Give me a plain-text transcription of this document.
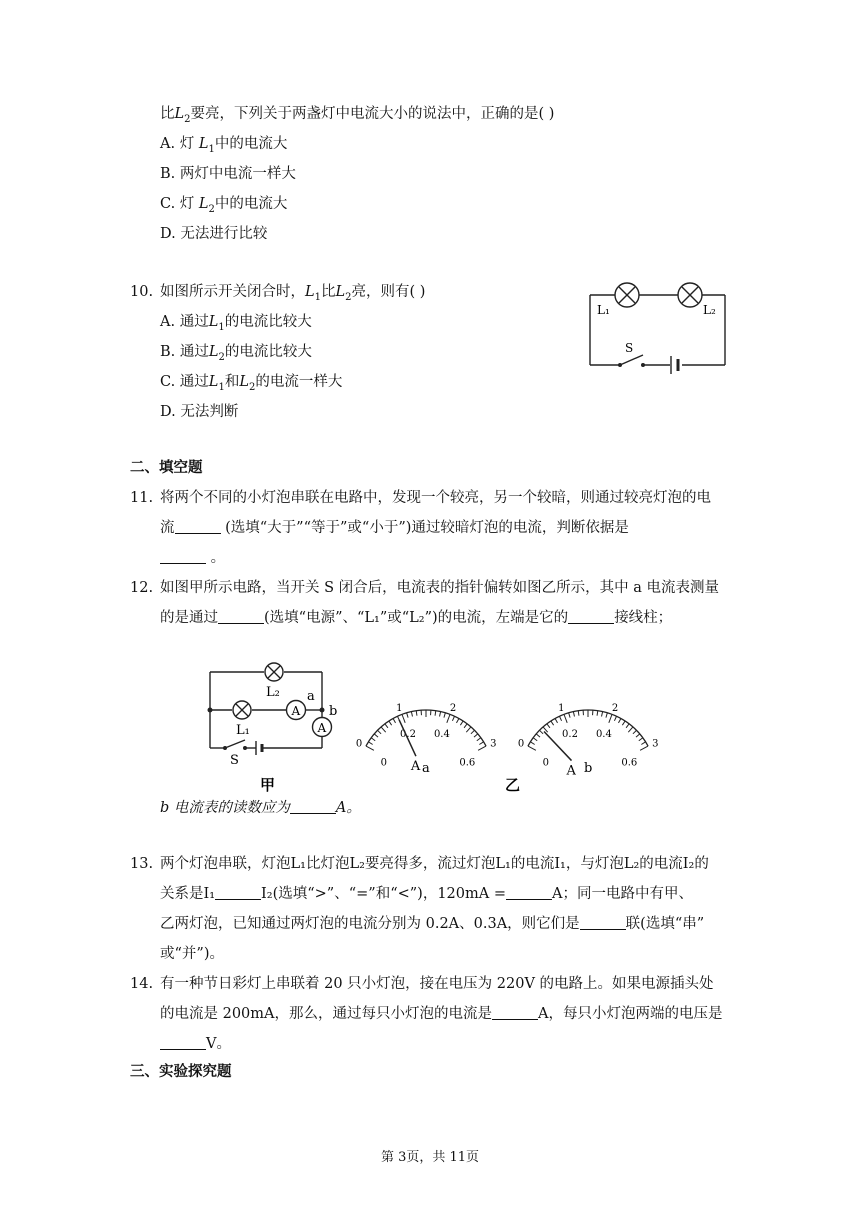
比$L_2$要亮，下列关于两盏灯中电流大小的说法中，正确的是( )
A. 灯 $L_1$中的电流大
B. 两灯中电流一样大
C. 灯 $L_2$中的电流大
D. 无法进行比较
10. 如图所示开关闭合时，$L_1$比$L_2$亮，则有( )
A. 通过$L_1$的电流比较大
B. 通过$L_2$的电流比较大
C. 通过$L_1$和$L_2$的电流一样大
D. 无法判断
L₁	L₂
S
二、填空题
11. 将两个不同的小灯泡串联在电路中，发现一个较亮，另一个较暗，则通过较亮灯泡的电
流	(选填“大于”“等于”或“小于”)通过较暗灯泡的电流，判断依据是
。
12. 如图甲所示电路，当开关 S 闭合后，电流表的指针偏转如图乙所示，其中 a 电流表测量
的是通过	(选填“电源”、“L₁”或“L₂”)的电流，左端是它的	接线柱；
A
A
L₂ a
b
L₁
S
甲
0
1	2
3
0
0.2 0.4
0.6
A a
0
1	2
3
0
0.2 0.4
0.6
A b
乙
b 电流表的读数应为	A。
13. 两个灯泡串联，灯泡L₁比灯泡L₂要亮得多，流过灯泡L₁的电流I₁，与灯泡L₂的电流I₂的
关系是I₁	I₂(选填“>”、“=”和“<”)，120mA =	A；同一电路中有甲、
乙两灯泡，已知通过两灯泡的电流分别为 0.2A、0.3A，则它们是	联(选填“串”
或“并”)。
14. 有一种节日彩灯上串联着 20 只小灯泡，接在电压为 220V 的电路上。如果电源插头处
的电流是 200mA，那么，通过每只小灯泡的电流是	A，每只小灯泡两端的电压是
V。
三、实验探究题
第 3页，共 11页
